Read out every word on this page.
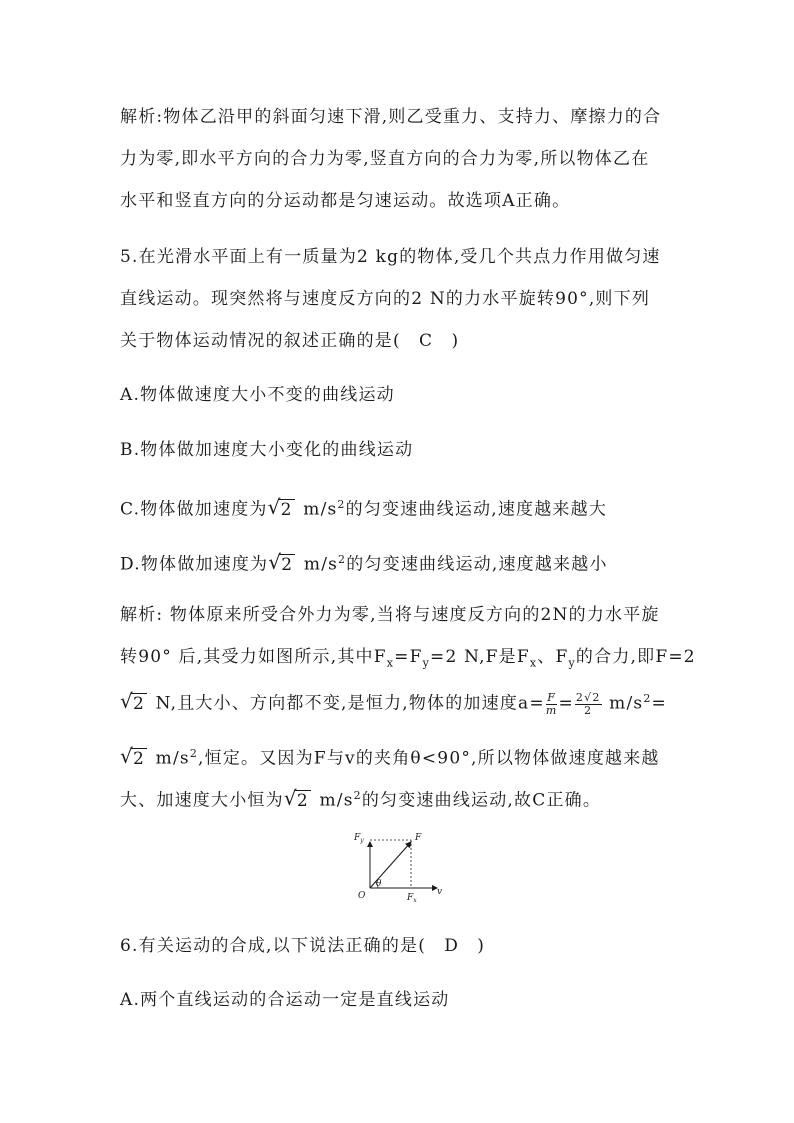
解析:物体乙沿甲的斜面匀速下滑,则乙受重力、支持力、摩擦力的合
力为零,即水平方向的合力为零,竖直方向的合力为零,所以物体乙在
水平和竖直方向的分运动都是匀速运动。故选项A正确。
5.在光滑水平面上有一质量为2 kg的物体,受几个共点力作用做匀速
直线运动。现突然将与速度反方向的2 N的力水平旋转90°,则下列
关于物体运动情况的叙述正确的是(　C　)
A.物体做速度大小不变的曲线运动
B.物体做加速度大小变化的曲线运动
C.物体做加速度为 √ 2 $m/s^2$的匀变速曲线运动,速度越来越大
D.物体做加速度为 √ 2 $m/s^2$的匀变速曲线运动,速度越来越小
解析: 物体原来所受合外力为零,当将与速度反方向的2N的力水平旋
转90° 后,其受力如图所示,其中$F_x=F_y=2$ N,F是$F_x$、$F_y$的合力,即F=2
√ 2 N,且大小、方向都不变,是恒力,物体的加速度$a= \frac{F}{m} = \frac{2√2}{2} m/s^2=$
√ 2 $m/s^2$,恒定。又因为F与v的夹角θ<90°,所以物体做速度越来越
大、加速度大小恒为 √ 2 $m/s^2$的匀变速曲线运动,故C正确。
$F_y$	F
O
θ
$F_x$
v
6.有关运动的合成,以下说法正确的是(　D　)
A.两个直线运动的合运动一定是直线运动
